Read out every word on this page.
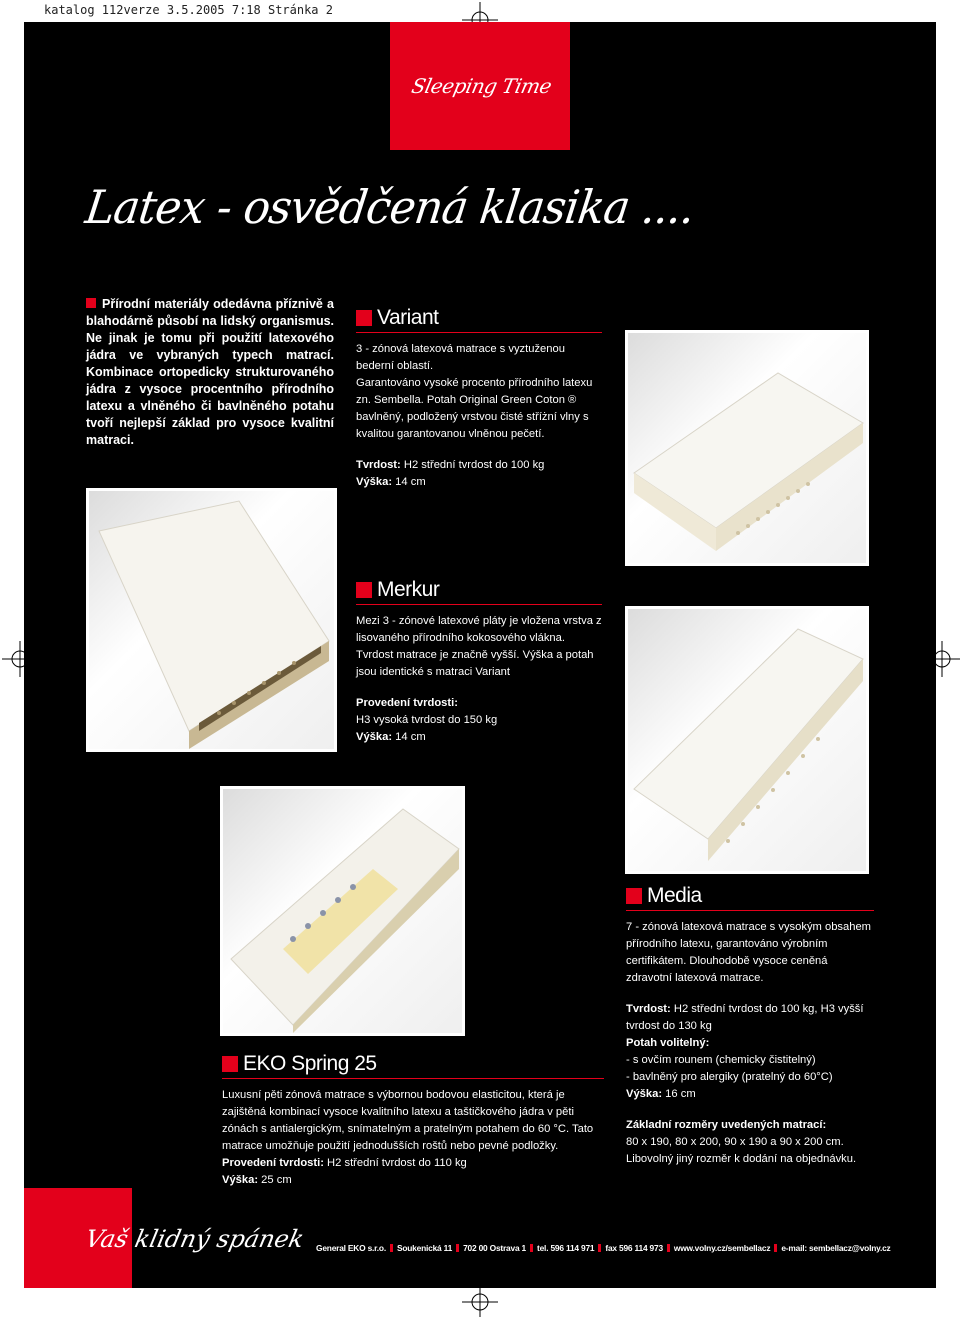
katalog 112verze 3.5.2005 7:18 Stránka 2
Sleeping Time
Latex - osvědčená klasika ....
Přírodní materiály odedávna příznivě a blahodárně působí na lidský organismus. Ne jinak je tomu při použití latexového jádra ve vybraných typech matrací. Kombinace ortopedicky strukturovaného jádra z vysoce procentního přírodního latexu a vlněného či bavlněného potahu tvoří nejlepší základ pro vysoce kvalitní matraci.
Variant

3 - zónová latexová matrace s vyztuženou bederní oblastí.

Garantováno vysoké procento přírodního latexu zn. Sembella. Potah Original Green Coton ® bavlněný, podložený vrstvou čisté stříżní vlny s kvalitou garantovanou vlněnou pečetí.

Tvrdost: H2 střední tvrdost do 100 kg

Výška: 14 cm

Merkur

Mezi 3 - zónové latexové pláty je vložena vrstva z lisovaného přírodního kokosového vlákna.

Tvrdost matrace je značně vyšší. Výška a potah jsou identické s matraci Variant

Provedení tvrdosti:

H3 vysoká tvrdost do 150 kg

Výška: 14 cm

Media

7 - zónová latexová matrace s vysokým obsahem přírodního latexu, garantováno výrobním certifikátem. Dlouhodobě vysoce ceněná zdravotní latexová matrace.

Tvrdost: H2 střední tvrdost do 100 kg, H3 vyšší tvrdost do 130 kg

Potah volitelný:

- s ovčím rounem (chemicky čistitelný)

- bavlněný pro alergiky (pratelný do 60°C)

Výška: 16 cm

Základní rozměry uvedených matrací:

80 x 190, 80 x 200, 90 x 190 a 90 x 200 cm.

Libovolný jiný rozměr k dodání na objednávku.

EKO Spring 25

Luxusní pěti zónová matrace s výbornou bodovou elasticitou, která je zajištěná kombinací vysoce kvalitního latexu a taštičkového jádra v pěti zónách s antialergickým, snímatelným a pratelným potahem do 60 °C. Tato matrace umožňuje použití jednodušších roštů nebo pevné podložky.

Provedení tvrdosti: H2 střední tvrdost do 110 kg

Výška: 25 cm

Vaš klidný spánek General EKO s.r.o. Soukenická 11 702 00 Ostrava 1 tel. 596 114 971 fax 596 114 973 www.volny.cz/sembellacz e-mail: sembellacz@volny.cz
